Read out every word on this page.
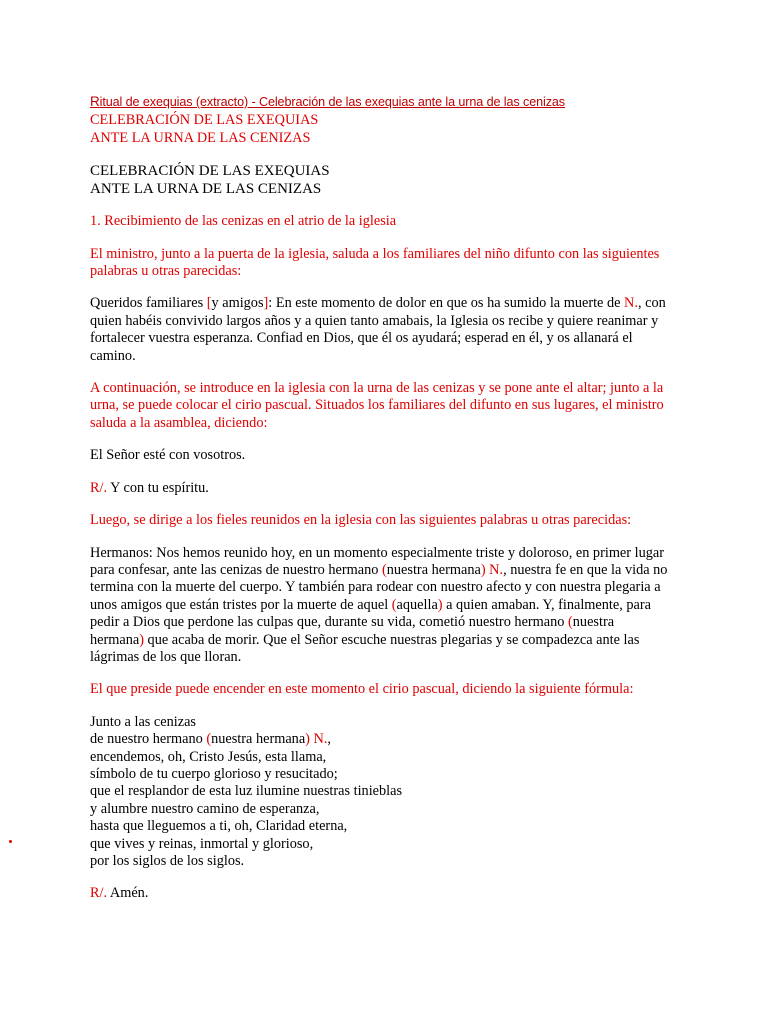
Ritual de exequias (extracto) - Celebración de las exequias ante la urna de las cenizas
CELEBRACIÓN DE LAS EXEQUIAS
ANTE LA URNA DE LAS CENIZAS
CELEBRACIÓN DE LAS EXEQUIAS
ANTE LA URNA DE LAS CENIZAS
1. Recibimiento de las cenizas en el atrio de la iglesia
El ministro, junto a la puerta de la iglesia, saluda a los familiares del niño difunto con las siguientes
palabras u otras parecidas:
Queridos familiares [y amigos]: En este momento de dolor en que os ha sumido la muerte de N., con
quien habéis convivido largos años y a quien tanto amabais, la Iglesia os recibe y quiere reanimar y
fortalecer vuestra esperanza. Confiad en Dios, que él os ayudará; esperad en él, y os allanará el
camino.
A continuación, se introduce en la iglesia con la urna de las cenizas y se pone ante el altar; junto a la
urna, se puede colocar el cirio pascual. Situados los familiares del difunto en sus lugares, el ministro
saluda a la asamblea, diciendo:
El Señor esté con vosotros.
R/. Y con tu espíritu.
Luego, se dirige a los fieles reunidos en la iglesia con las siguientes palabras u otras parecidas:
Hermanos: Nos hemos reunido hoy, en un momento especialmente triste y doloroso, en primer lugar
para confesar, ante las cenizas de nuestro hermano (nuestra hermana) N., nuestra fe en que la vida no
termina con la muerte del cuerpo. Y también para rodear con nuestro afecto y con nuestra plegaria a
unos amigos que están tristes por la muerte de aquel (aquella) a quien amaban. Y, finalmente, para
pedir a Dios que perdone las culpas que, durante su vida, cometió nuestro hermano (nuestra
hermana) que acaba de morir. Que el Señor escuche nuestras plegarias y se compadezca ante las
lágrimas de los que lloran.
El que preside puede encender en este momento el cirio pascual, diciendo la siguiente fórmula:
Junto a las cenizas
de nuestro hermano (nuestra hermana) N.,
encendemos, oh, Cristo Jesús, esta llama,
símbolo de tu cuerpo glorioso y resucitado;
que el resplandor de esta luz ilumine nuestras tinieblas
y alumbre nuestro camino de esperanza,
hasta que lleguemos a ti, oh, Claridad eterna,
que vives y reinas, inmortal y glorioso,
por los siglos de los siglos.
R/. Amén.
